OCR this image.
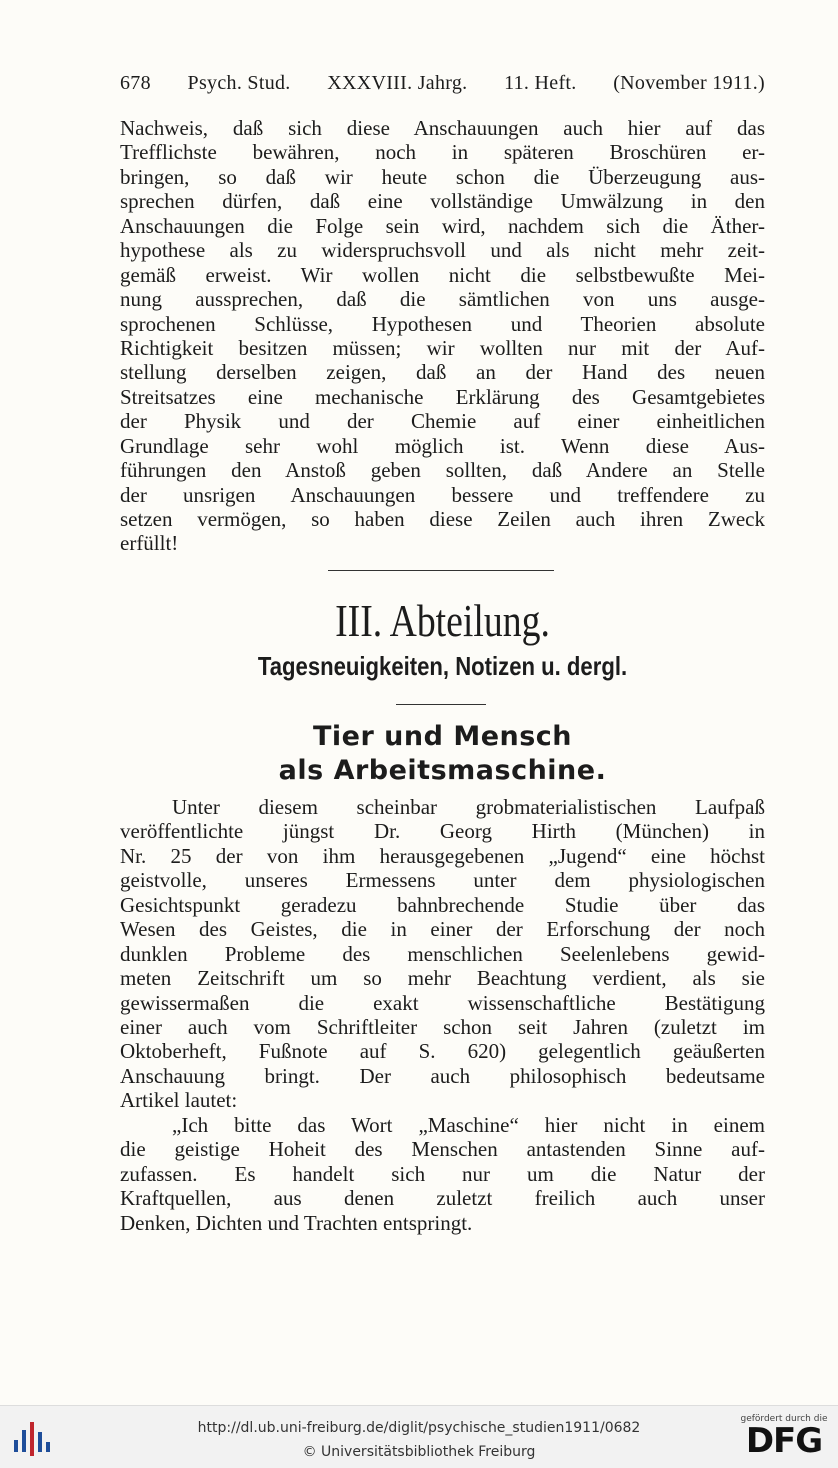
678 Psych. Stud. XXXVIII. Jahrg. 11. Heft. (November 1911.)
Nachweis, daß sich diese Anschauungen auch hier auf das
Trefflichste bewähren, noch in späteren Broschüren er-
bringen, so daß wir heute schon die Überzeugung aus-
sprechen dürfen, daß eine vollständige Umwälzung in den
Anschauungen die Folge sein wird, nachdem sich die Äther-
hypothese als zu widerspruchsvoll und als nicht mehr zeit-
gemäß erweist. Wir wollen nicht die selbstbewußte Mei-
nung aussprechen, daß die sämtlichen von uns ausge-
sprochenen Schlüsse, Hypothesen und Theorien absolute
Richtigkeit besitzen müssen; wir wollten nur mit der Auf-
stellung derselben zeigen, daß an der Hand des neuen
Streitsatzes eine mechanische Erklärung des Gesamtgebietes
der Physik und der Chemie auf einer einheitlichen
Grundlage sehr wohl möglich ist. Wenn diese Aus-
führungen den Anstoß geben sollten, daß Andere an Stelle
der unsrigen Anschauungen bessere und treffendere zu
setzen vermögen, so haben diese Zeilen auch ihren Zweck
erfüllt!
III. Abteilung.
Tagesneuigkeiten, Notizen u. dergl.
Tier und Mensch
als Arbeitsmaschine.
Unter diesem scheinbar grobmaterialistischen Laufpaß
veröffentlichte jüngst Dr. Georg Hirth (München) in
Nr. 25 der von ihm herausgegebenen „Jugend“ eine höchst
geistvolle, unseres Ermessens unter dem physiologischen
Gesichtspunkt geradezu bahnbrechende Studie über das
Wesen des Geistes, die in einer der Erforschung der noch
dunklen Probleme des menschlichen Seelenlebens gewid-
meten Zeitschrift um so mehr Beachtung verdient, als sie
gewissermaßen die exakt wissenschaftliche Bestätigung
einer auch vom Schriftleiter schon seit Jahren (zuletzt im
Oktoberheft, Fußnote auf S. 620) gelegentlich geäußerten
Anschauung bringt. Der auch philosophisch bedeutsame
Artikel lautet:
„Ich bitte das Wort „Maschine“ hier nicht in einem
die geistige Hoheit des Menschen antastenden Sinne auf-
zufassen. Es handelt sich nur um die Natur der
Kraftquellen, aus denen zuletzt freilich auch unser
Denken, Dichten und Trachten entspringt.
http://dl.ub.uni-freiburg.de/diglit/psychische_studien1911/0682
© Universitätsbibliothek Freiburg
gefördert durch die
DFG
